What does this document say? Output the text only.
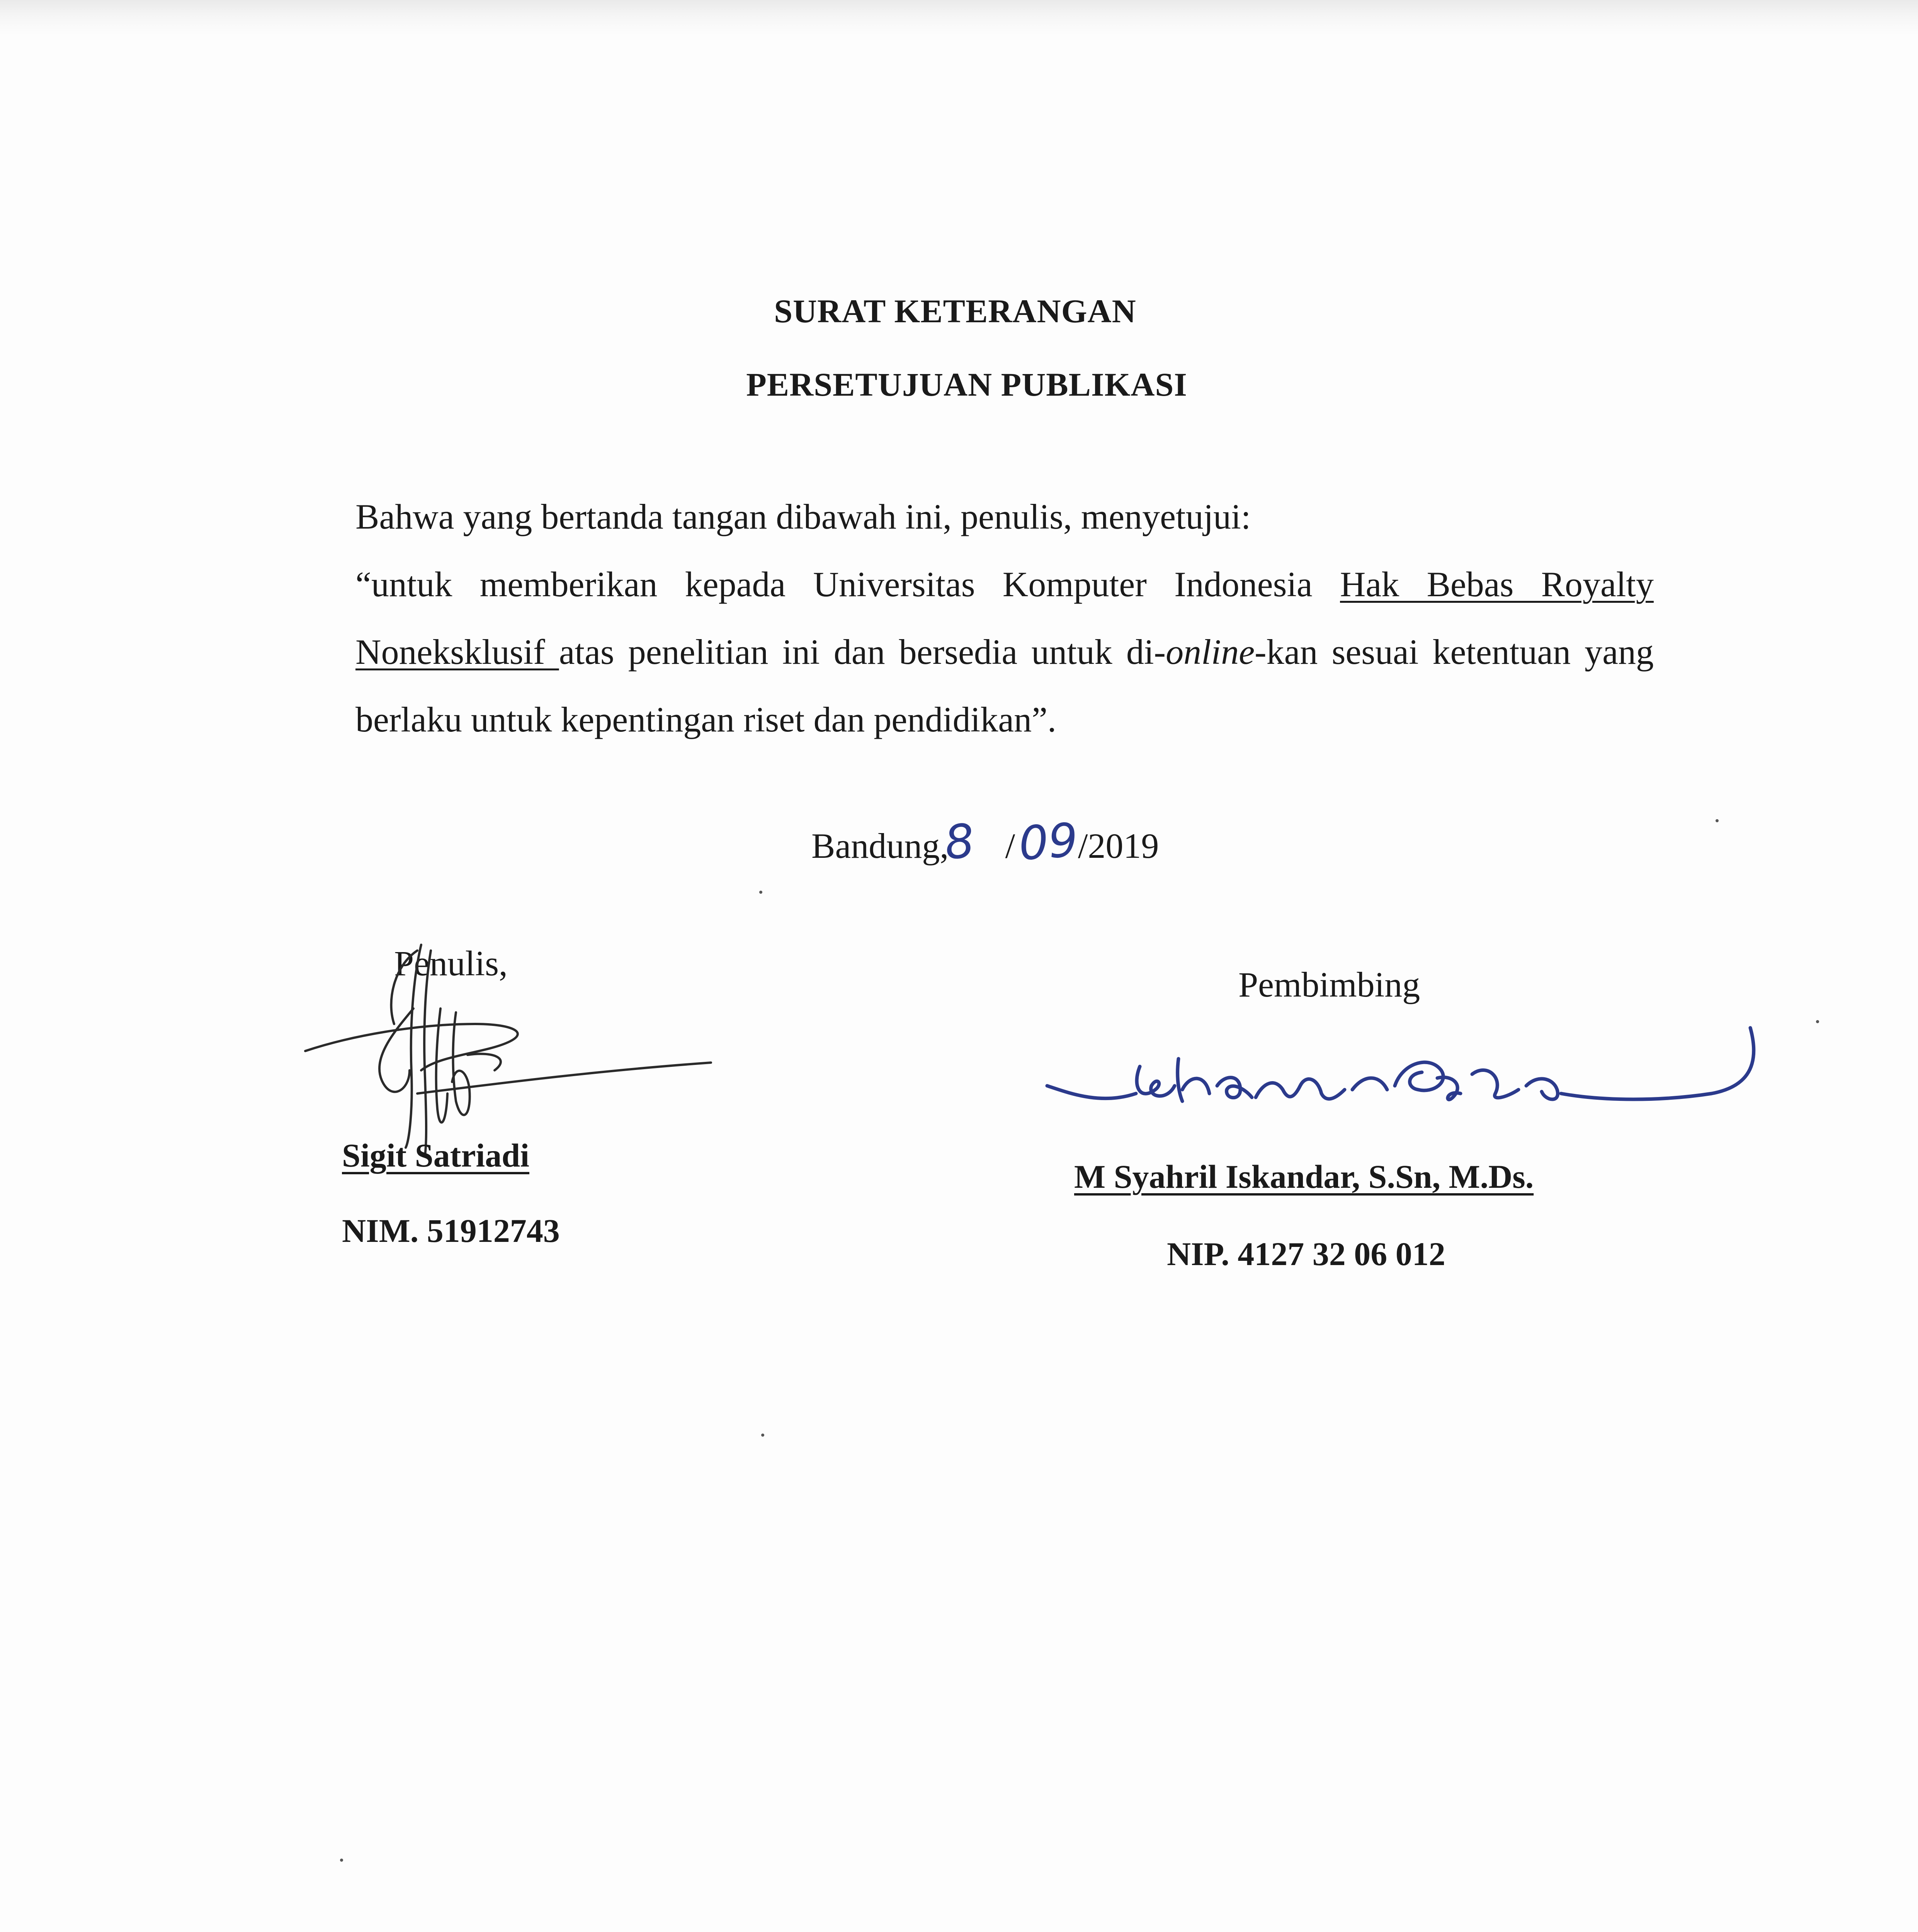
SURAT KETERANGAN
PERSETUJUAN PUBLIKASI
Bahwa yang bertanda tangan dibawah ini, penulis, menyetujui:
“untuk memberikan kepada Universitas Komputer Indonesia Hak Bebas Royalty Noneksklusif atas penelitian ini dan bersedia untuk di-online-kan sesuai ketentuan yang berlaku untuk kepentingan riset dan pendidikan”.
Bandung,8 /09/2019
Penulis,
Pembimbing
Sigit Satriadi
NIM. 51912743
M Syahril Iskandar, S.Sn, M.Ds.
NIP. 4127 32 06 012
